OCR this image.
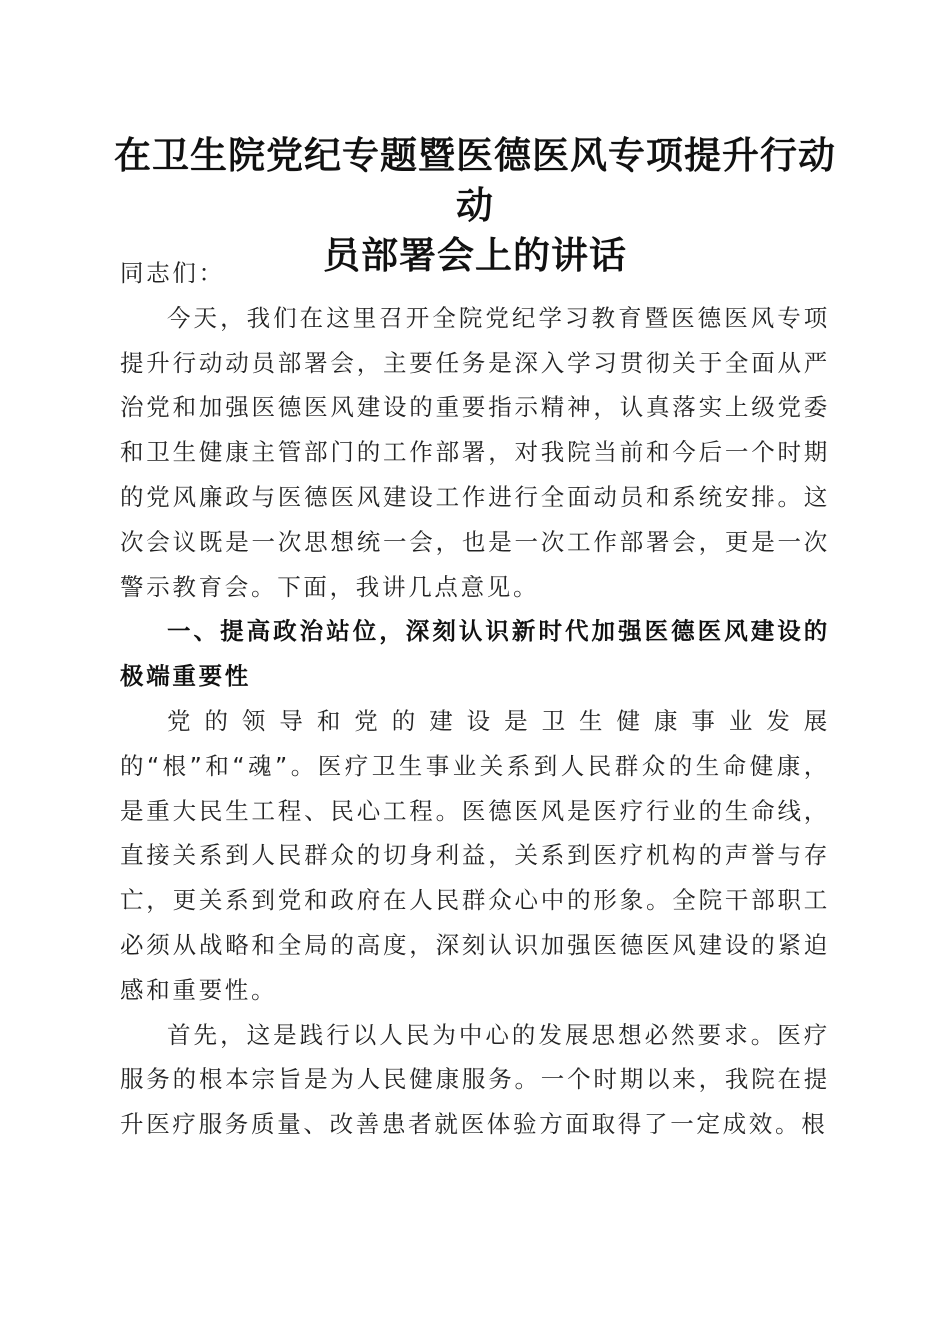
在卫生院党纪专题暨医德医风专项提升行动动
员部署会上的讲话

同志们：

今天，我们在这里召开全院党纪学习教育暨医德医风专项提升行动动员部署会，主要任务是深入学习贯彻关于全面从严治党和加强医德医风建设的重要指示精神，认真落实上级党委和卫生健康主管部门的工作部署，对我院当前和今后一个时期的党风廉政与医德医风建设工作进行全面动员和系统安排。这次会议既是一次思想统一会，也是一次工作部署会，更是一次警示教育会。下面，我讲几点意见。

一、提高政治站位，深刻认识新时代加强医德医风建设的极端重要性

党的领导和党的建设是卫生健康事业发展

的“根”和“魂”。医疗卫生事业关系到人民群众的生命健康，是重大民生工程、民心工程。医德医风是医疗行业的生命线，直接关系到人民群众的切身利益，关系到医疗机构的声誉与存亡，更关系到党和政府在人民群众心中的形象。全院干部职工必须从战略和全局的高度，深刻认识加强医德医风建设的紧迫感和重要性。

首先，这是践行以人民为中心的发展思想必然要求。医疗服务的根本宗旨是为人民健康服务。一个时期以来，我院在提升医疗服务质量、改善患者就医体验方面取得了一定成效。根
